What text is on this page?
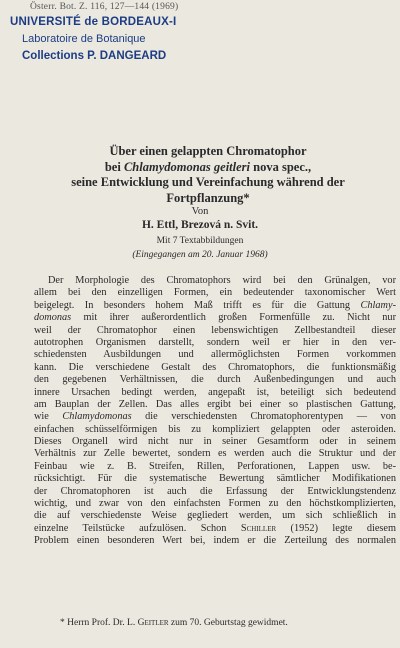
Österr. Bot. Z. 116, 127—144 (1969)
UNIVERSITÉ de BORDEAUX-I
Laboratoire de Botanique
Collections P. DANGEARD
Über einen gelappten Chromatophor
bei Chlamydomonas geitleri nova spec.,
seine Entwicklung und Vereinfachung während der
Fortpflanzung*
Von
H. Ettl, Brezová n. Svit.
Mit 7 Textabbildungen
(Eingegangen am 20. Januar 1968)
Der Morphologie des Chromatophors wird bei den Grünalgen, vor
allem bei den einzelligen Formen, ein bedeutender taxonomischer Wert
beigelegt. In besonders hohem Maß trifft es für die Gattung Chlamy-
domonas mit ihrer außerordentlich großen Formenfülle zu. Nicht nur
weil der Chromatophor einen lebenswichtigen Zellbestandteil dieser
autotrophen Organismen darstellt, sondern weil er hier in den ver-
schiedensten Ausbildungen und allermöglichsten Formen vorkommen
kann. Die verschiedene Gestalt des Chromatophors, die funktionsmäßig
den gegebenen Verhältnissen, die durch Außenbedingungen und auch
innere Ursachen bedingt werden, angepaßt ist, beteiligt sich bedeutend
am Bauplan der Zellen. Das alles ergibt bei einer so plastischen Gattung,
wie Chlamydomonas die verschiedensten Chromatophorentypen — von
einfachen schüsselförmigen bis zu kompliziert gelappten oder asteroiden.
Dieses Organell wird nicht nur in seiner Gesamtform oder in seinem
Verhältnis zur Zelle bewertet, sondern es werden auch die Struktur und der
Feinbau wie z. B. Streifen, Rillen, Perforationen, Lappen usw. be-
rücksichtigt. Für die systematische Bewertung sämtlicher Modifikationen
der Chromatophoren ist auch die Erfassung der Entwicklungstendenz
wichtig, und zwar von den einfachsten Formen zu den höchstkomplizierten,
die auf verschiedenste Weise gegliedert werden, um sich schließlich in
einzelne Teilstücke aufzulösen. Schon Schiller (1952) legte diesem
Problem einen besonderen Wert bei, indem er die Zerteilung des normalen
* Herrn Prof. Dr. L. Geitler zum 70. Geburtstag gewidmet.
